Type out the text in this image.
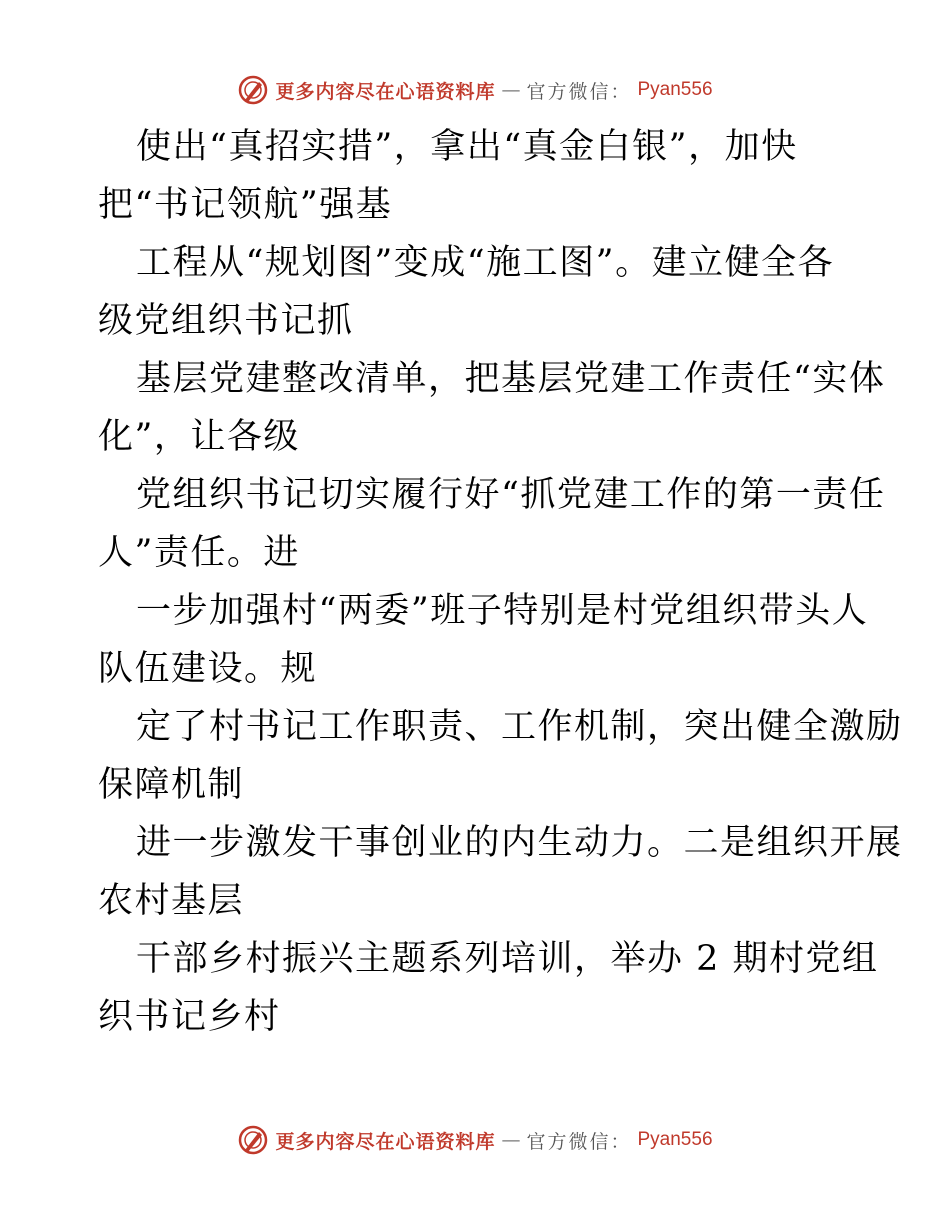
更多内容尽在心语资料库 — 官方微信： Pyan556
使出“真招实措”，拿出“真金白银”，加快
把“书记领航”强基
工程从“规划图”变成“施工图”。建立健全各
级党组织书记抓
基层党建整改清单，把基层党建工作责任“实体
化”，让各级
党组织书记切实履行好“抓党建工作的第一责任
人”责任。进
一步加强村“两委”班子特别是村党组织带头人
队伍建设。规
定了村书记工作职责、工作机制，突出健全激励
保障机制
进一步激发干事创业的内生动力。二是组织开展
农村基层
干部乡村振兴主题系列培训，举办 2 期村党组
织书记乡村
更多内容尽在心语资料库 — 官方微信： Pyan556
